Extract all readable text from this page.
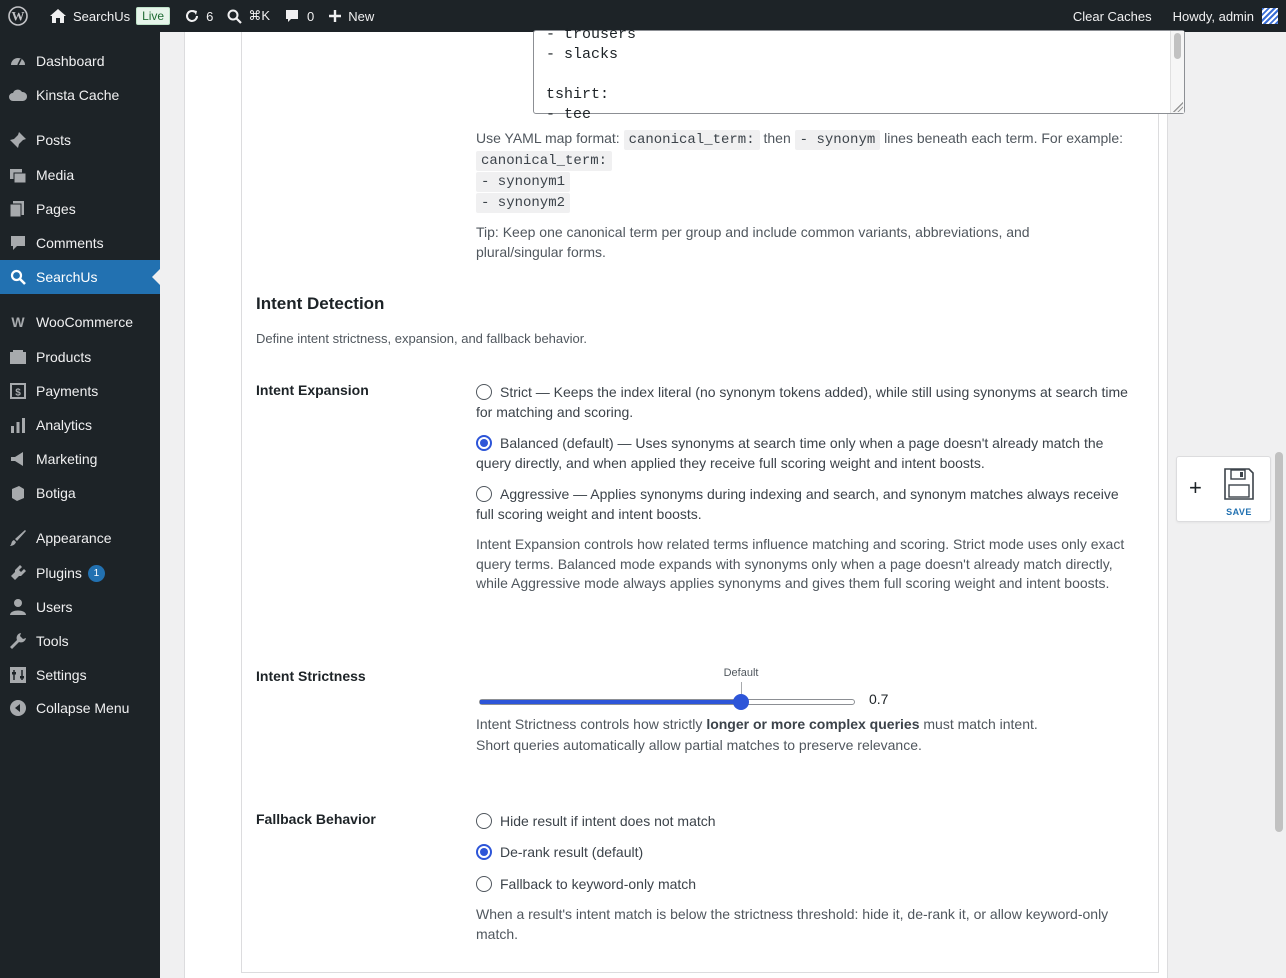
W	SearchUs	Live	6	⌘K	0	New	Clear Caches	Howdy, admin
Dashboard
Kinsta Cache
Posts
Media
Pages
Comments
SearchUs
W WooCommerce
Products
$ Payments
Analytics
Marketing
Botiga
Appearance
Plugins	1
Users
Tools
Settings
Collapse Menu
- trousers
- slacks
tshirt:
- tee
Use YAML map format: canonical_term: then - synonym lines beneath each term. For example:
canonical_term:
- synonym1
- synonym2
Tip: Keep one canonical term per group and include common variants, abbreviations, and plural/singular forms.
Intent Detection
Define intent strictness, expansion, and fallback behavior.
Intent Expansion	Strict — Keeps the index literal (no synonym tokens added), while still using synonyms at search time for matching and scoring.
Balanced (default) — Uses synonyms at search time only when a page doesn't already match the query directly, and when applied they receive full scoring weight and intent boosts.
Aggressive — Applies synonyms during indexing and search, and synonym matches always receive full scoring weight and intent boosts.
Intent Expansion controls how related terms influence matching and scoring. Strict mode uses only exact query terms. Balanced mode expands with synonyms only when a page doesn't already match directly, while Aggressive mode always applies synonyms and gives them full scoring weight and intent boosts.
Intent Strictness	Default
0.7
Intent Strictness controls how strictly longer or more complex queries must match intent.
Short queries automatically allow partial matches to preserve relevance.
Fallback Behavior	Hide result if intent does not match
De-rank result (default)
Fallback to keyword-only match
When a result's intent match is below the strictness threshold: hide it, de-rank it, or allow keyword-only match.
+
SAVE
